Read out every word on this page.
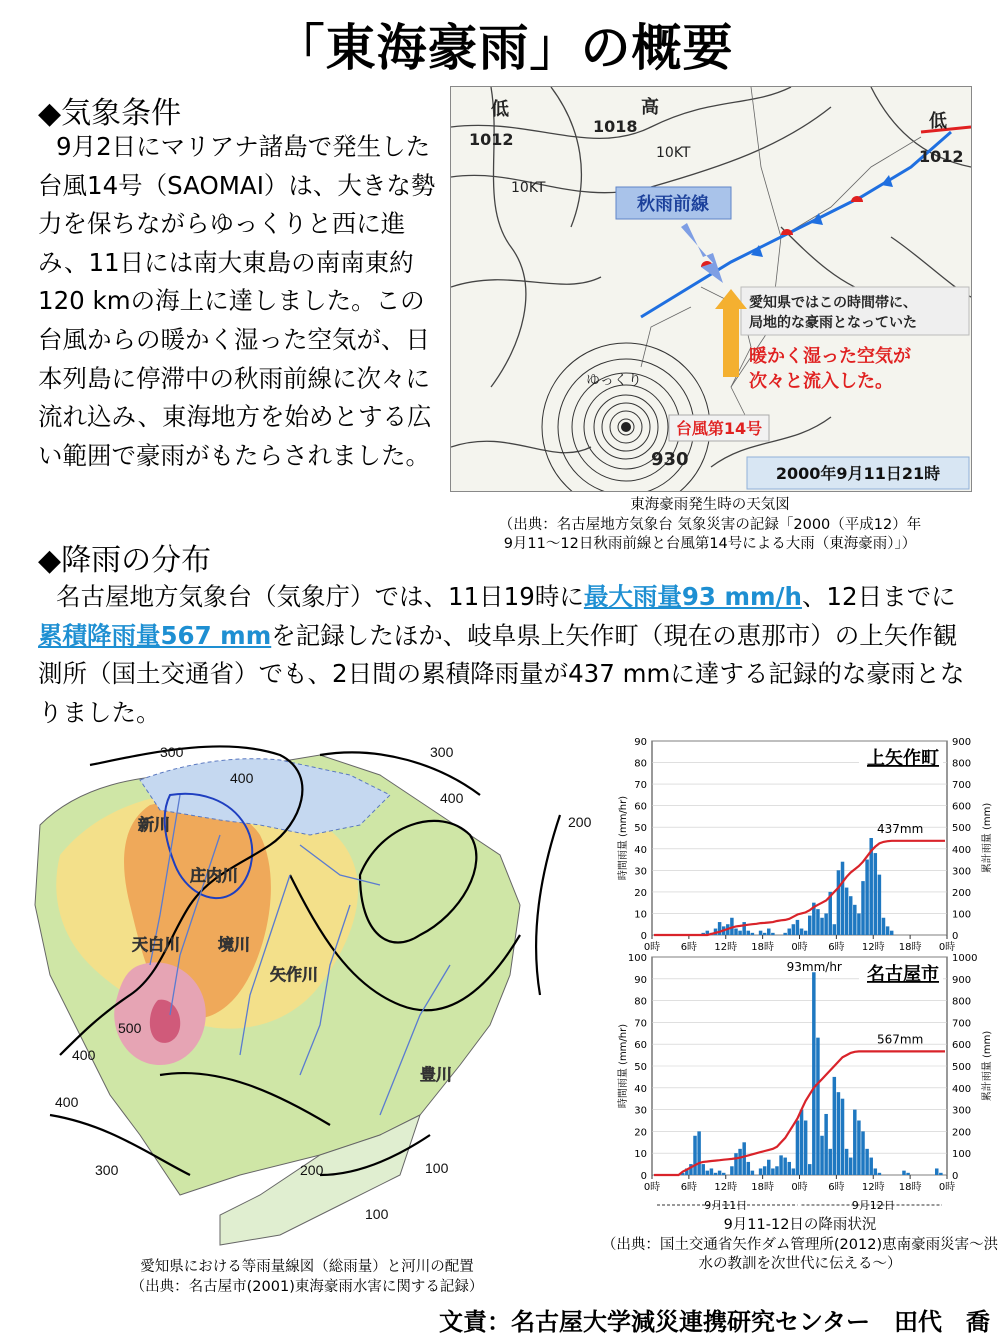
「東海豪雨」の概要
◆気象条件
9月2日にマリアナ諸島で発生した台風14号（SAOMAI）は、大きな勢力を保ちながらゆっくりと西に進み、11日には南大東島の南南東約120 kmの海上に達しました。この台風からの暖かく湿った空気が、日本列島に停滞中の秋雨前線に次々に流れ込み、東海地方を始めとする広い範囲で豪雨がもたらされました。
秋雨前線
愛知県ではこの時間帯に、
局地的な豪雨となっていた
暖かく湿った空気が
次々と流入した。
台風第14号
2000年9月11日21時
ゆっくり
1012
1018
1012
930
10KT
10KT
低	高
低
東海豪雨発生時の天気図
（出典：名古屋地方気象台 気象災害の記録「2000（平成12）年
9月11～12日秋雨前線と台風第14号による大雨（東海豪雨）」）
◆降雨の分布
名古屋地方気象台（気象庁）では、11日19時に最大雨量93 mm/h、12日までに累積降雨量567 mmを記録したほか、岐阜県上矢作町（現在の恵那市）の上矢作観測所（国土交通省）でも、2日間の累積降雨量が437 mmに達する記録的な豪雨となりました。
300
400
300
400
200
400
500
400
300	200	100
100
新川
庄内川
天白川 境川
矢作川
豊川
愛知県における等雨量線図（総雨量）と河川の配置
（出典：名古屋市(2001)東海豪雨水害に関する記録）
0	0
10	100
20	200
30	300
40	400
50	500
60	600
70	700
80	800
90	900
0時 6時 12時 18時 0時 6時 12時 18時 0時
上矢作町
時間雨量 (mm/hr)	累計雨量 (mm)
437mm
0	0
10	100
20	200
30	300
40	400
50	500
60	600
70	700
80	800
90	900
100	1000
0時 6時 12時 18時 0時 6時 12時 18時 0時
名古屋市
時間雨量 (mm/hr)	累計雨量 (mm)
567mm
93mm/hr
9月11日	9月12日
9月11-12日の降雨状況
（出典：国土交通省矢作ダム管理所(2012)恵南豪雨災害～洪水の教訓を次世代に伝える～）
文責：名古屋大学減災連携研究センター　田代　喬
